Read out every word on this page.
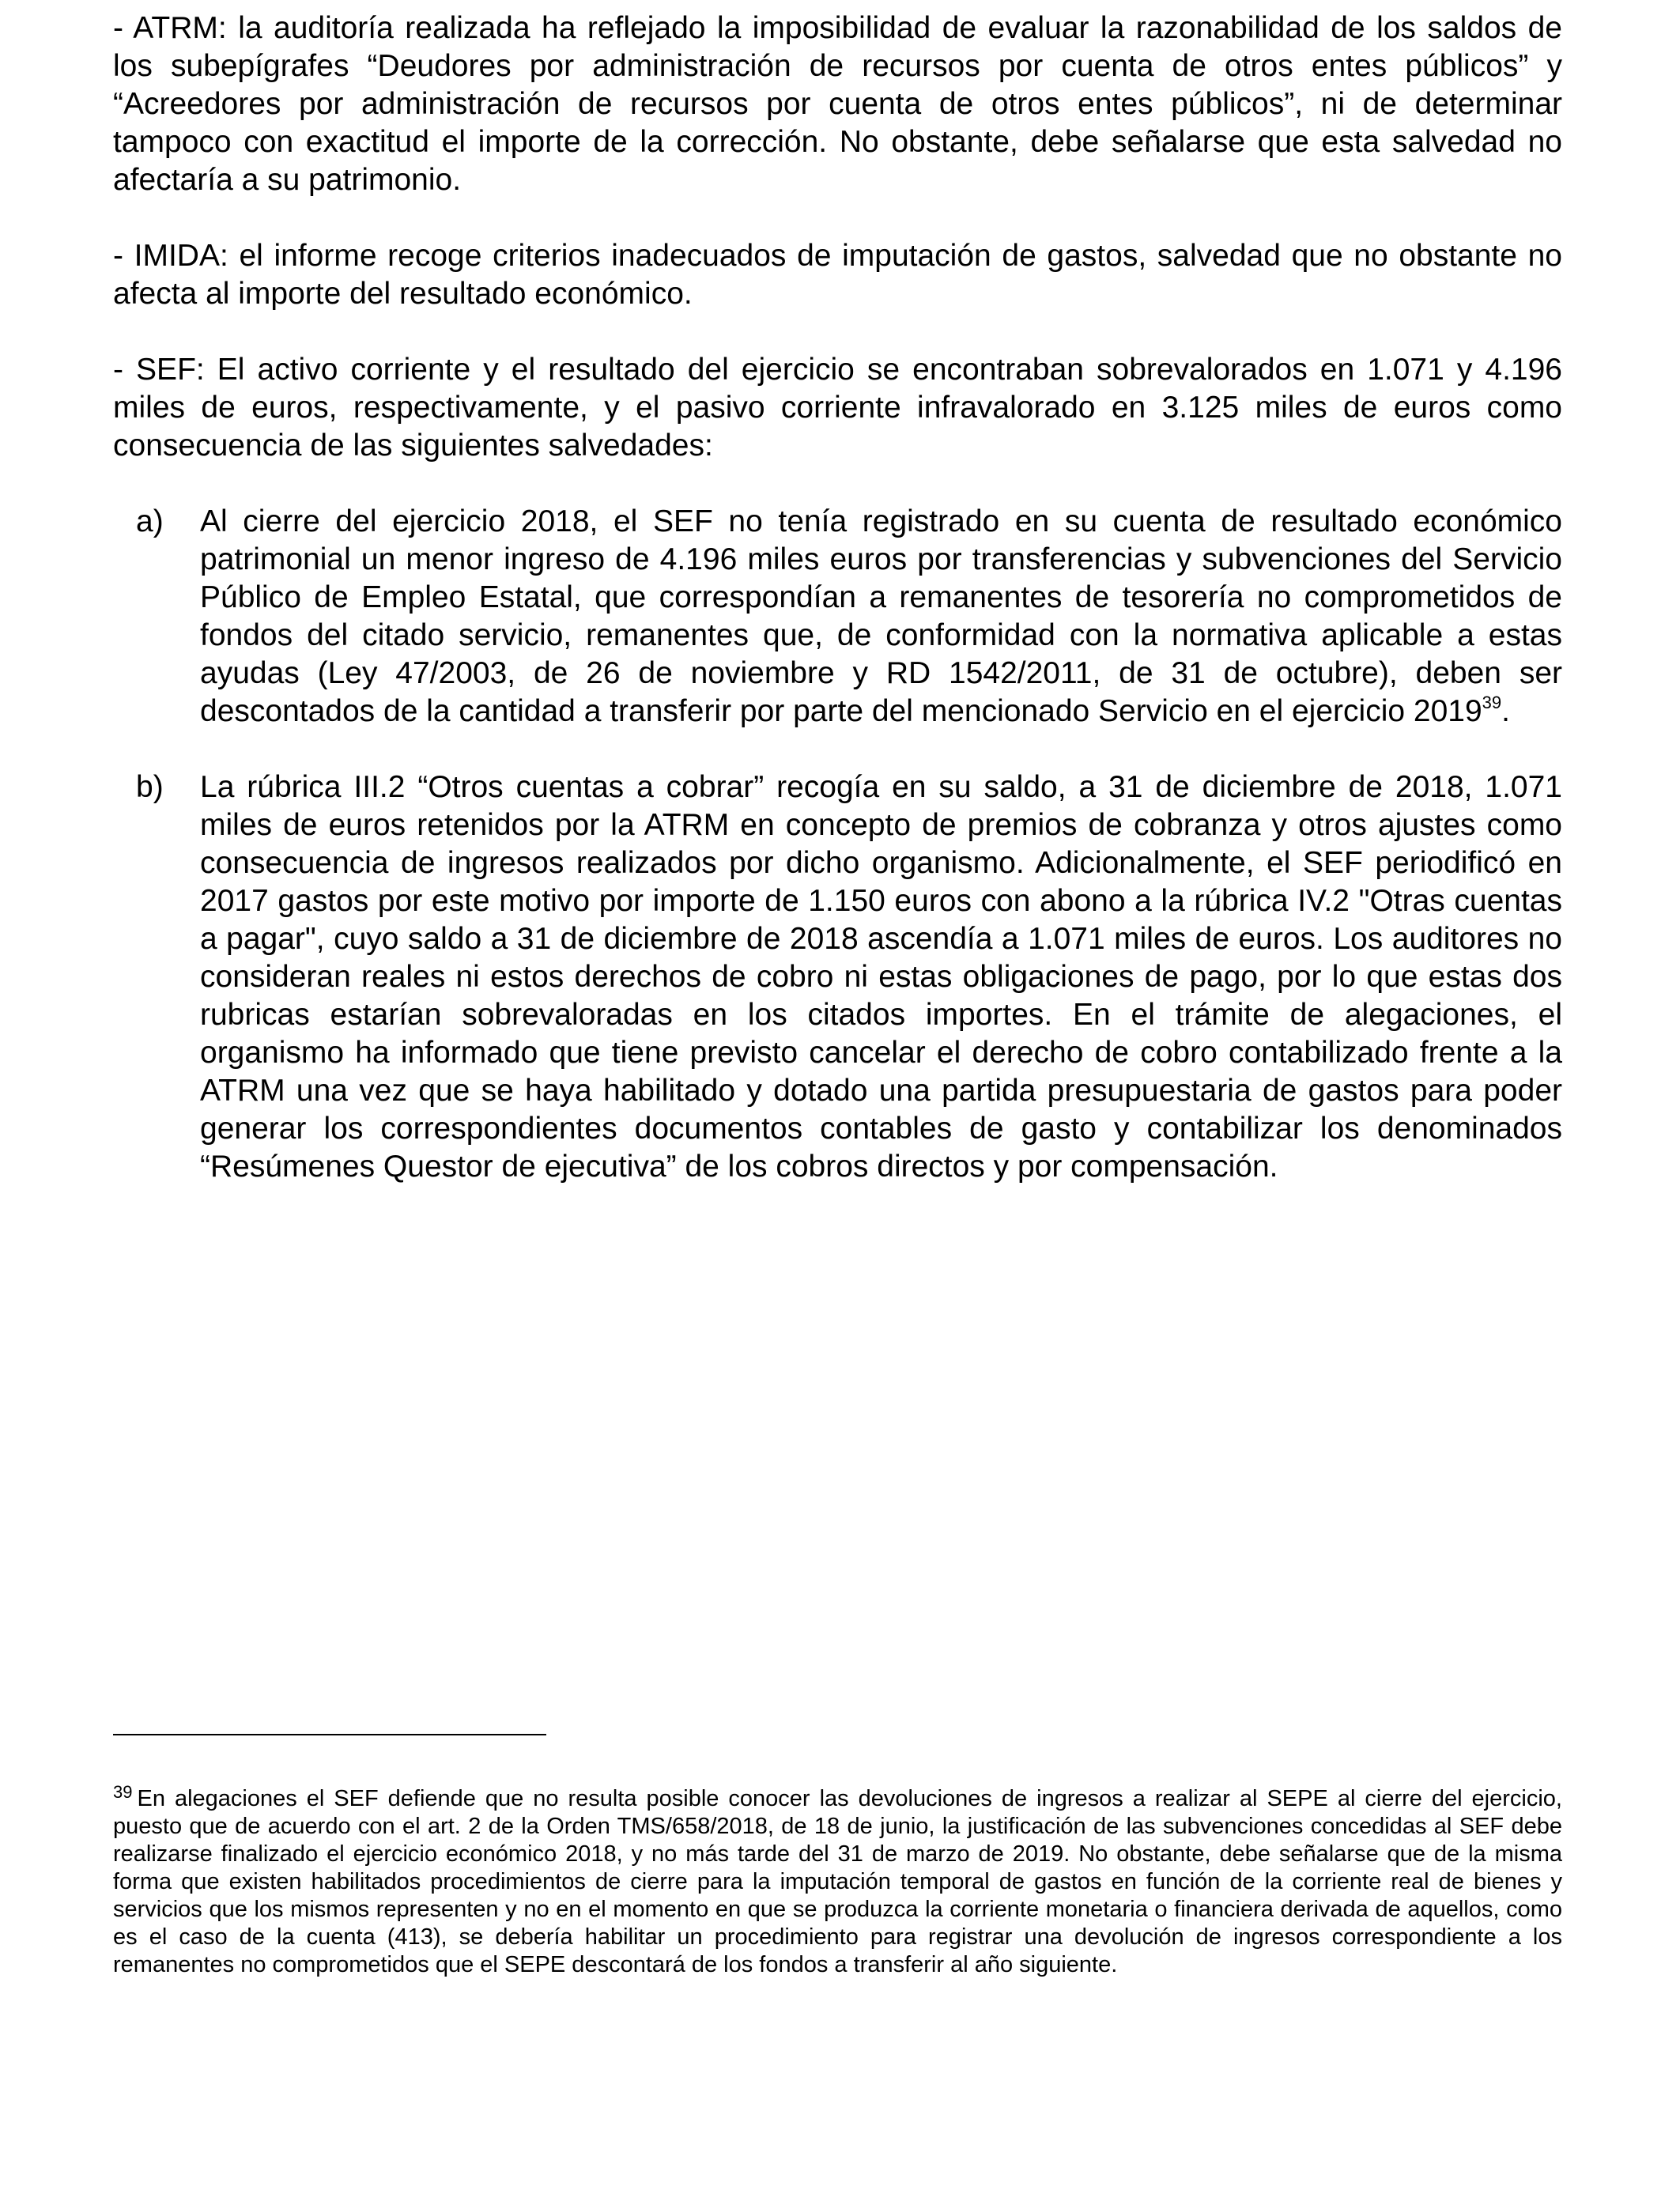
- ATRM: la auditoría realizada ha reflejado la imposibilidad de evaluar la razonabilidad de los saldos de los subepígrafes “Deudores por administración de recursos por cuenta de otros entes públicos” y “Acreedores por administración de recursos por cuenta de otros entes públicos”, ni de determinar tampoco con exactitud el importe de la corrección. No obstante, debe señalarse que esta salvedad no afectaría a su patrimonio.

- IMIDA: el informe recoge criterios inadecuados de imputación de gastos, salvedad que no obstante no afecta al importe del resultado económico.

- SEF: El activo corriente y el resultado del ejercicio se encontraban sobrevalorados en 1.071 y 4.196 miles de euros, respectivamente, y el pasivo corriente infravalorado en 3.125 miles de euros como consecuencia de las siguientes salvedades:

a) Al cierre del ejercicio 2018, el SEF no tenía registrado en su cuenta de resultado económico patrimonial un menor ingreso de 4.196 miles euros por transferencias y subvenciones del Servicio Público de Empleo Estatal, que correspondían a remanentes de tesorería no comprometidos de fondos del citado servicio, remanentes que, de conformidad con la normativa aplicable a estas ayudas (Ley 47/2003, de 26 de noviembre y RD 1542/2011, de 31 de octubre), deben ser descontados de la cantidad a transferir por parte del mencionado Servicio en el ejercicio 2019$^{39}$.
b) La rúbrica III.2 “Otros cuentas a cobrar” recogía en su saldo, a 31 de diciembre de 2018, 1.071 miles de euros retenidos por la ATRM en concepto de premios de cobranza y otros ajustes como consecuencia de ingresos realizados por dicho organismo. Adicionalmente, el SEF periodificó en 2017 gastos por este motivo por importe de 1.150 euros con abono a la rúbrica IV.2 "Otras cuentas a pagar", cuyo saldo a 31 de diciembre de 2018 ascendía a 1.071 miles de euros. Los auditores no consideran reales ni estos derechos de cobro ni estas obligaciones de pago, por lo que estas dos rubricas estarían sobrevaloradas en los citados importes. En el trámite de alegaciones, el organismo ha informado que tiene previsto cancelar el derecho de cobro contabilizado frente a la ATRM una vez que se haya habilitado y dotado una partida presupuestaria de gastos para poder generar los correspondientes documentos contables de gasto y contabilizar los denominados “Resúmenes Questor de ejecutiva” de los cobros directos y por compensación.
$^{39}$ En alegaciones el SEF defiende que no resulta posible conocer las devoluciones de ingresos a realizar al SEPE al cierre del ejercicio, puesto que de acuerdo con el art. 2 de la Orden TMS/658/2018, de 18 de junio, la justificación de las subvenciones concedidas al SEF debe realizarse finalizado el ejercicio económico 2018, y no más tarde del 31 de marzo de 2019. No obstante, debe señalarse que de la misma forma que existen habilitados procedimientos de cierre para la imputación temporal de gastos en función de la corriente real de bienes y servicios que los mismos representen y no en el momento en que se produzca la corriente monetaria o financiera derivada de aquellos, como es el caso de la cuenta (413), se debería habilitar un procedimiento para registrar una devolución de ingresos correspondiente a los remanentes no comprometidos que el SEPE descontará de los fondos a transferir al año siguiente.
